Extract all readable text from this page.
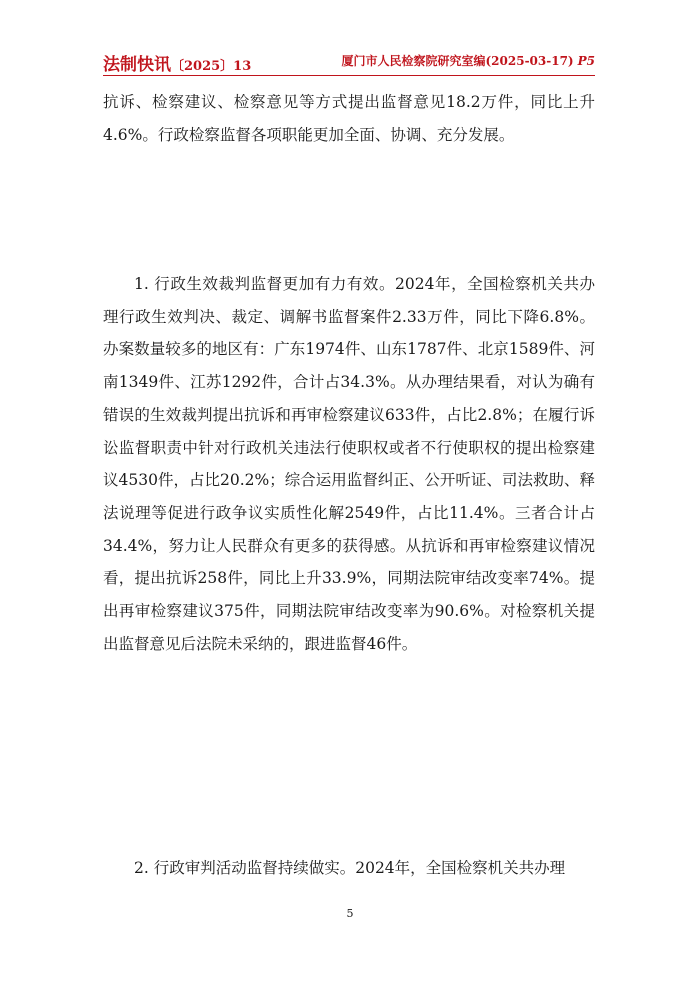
法制快讯〔2025〕13	厦门市人民检察院研究室编(2025-03-17) P5

抗诉、检察建议、检察意见等方式提出监督意见18.2万件，同比上升4.6%。行政检察监督各项职能更加全面、协调、充分发展。

1. 行政生效裁判监督更加有力有效。2024年，全国检察机关共办理行政生效判决、裁定、调解书监督案件2.33万件，同比下降6.8%。办案数量较多的地区有：广东1974件、山东1787件、北京1589件、河南1349件、江苏1292件，合计占34.3%。从办理结果看，对认为确有错误的生效裁判提出抗诉和再审检察建议633件，占比2.8%；在履行诉讼监督职责中针对行政机关违法行使职权或者不行使职权的提出检察建议4530件，占比20.2%；综合运用监督纠正、公开听证、司法救助、释法说理等促进行政争议实质性化解2549件，占比11.4%。三者合计占34.4%，努力让人民群众有更多的获得感。从抗诉和再审检察建议情况看，提出抗诉258件，同比上升33.9%，同期法院审结改变率74%。提出再审检察建议375件，同期法院审结改变率为90.6%。对检察机关提出监督意见后法院未采纳的，跟进监督46件。

2. 行政审判活动监督持续做实。2024年，全国检察机关共办理

5
